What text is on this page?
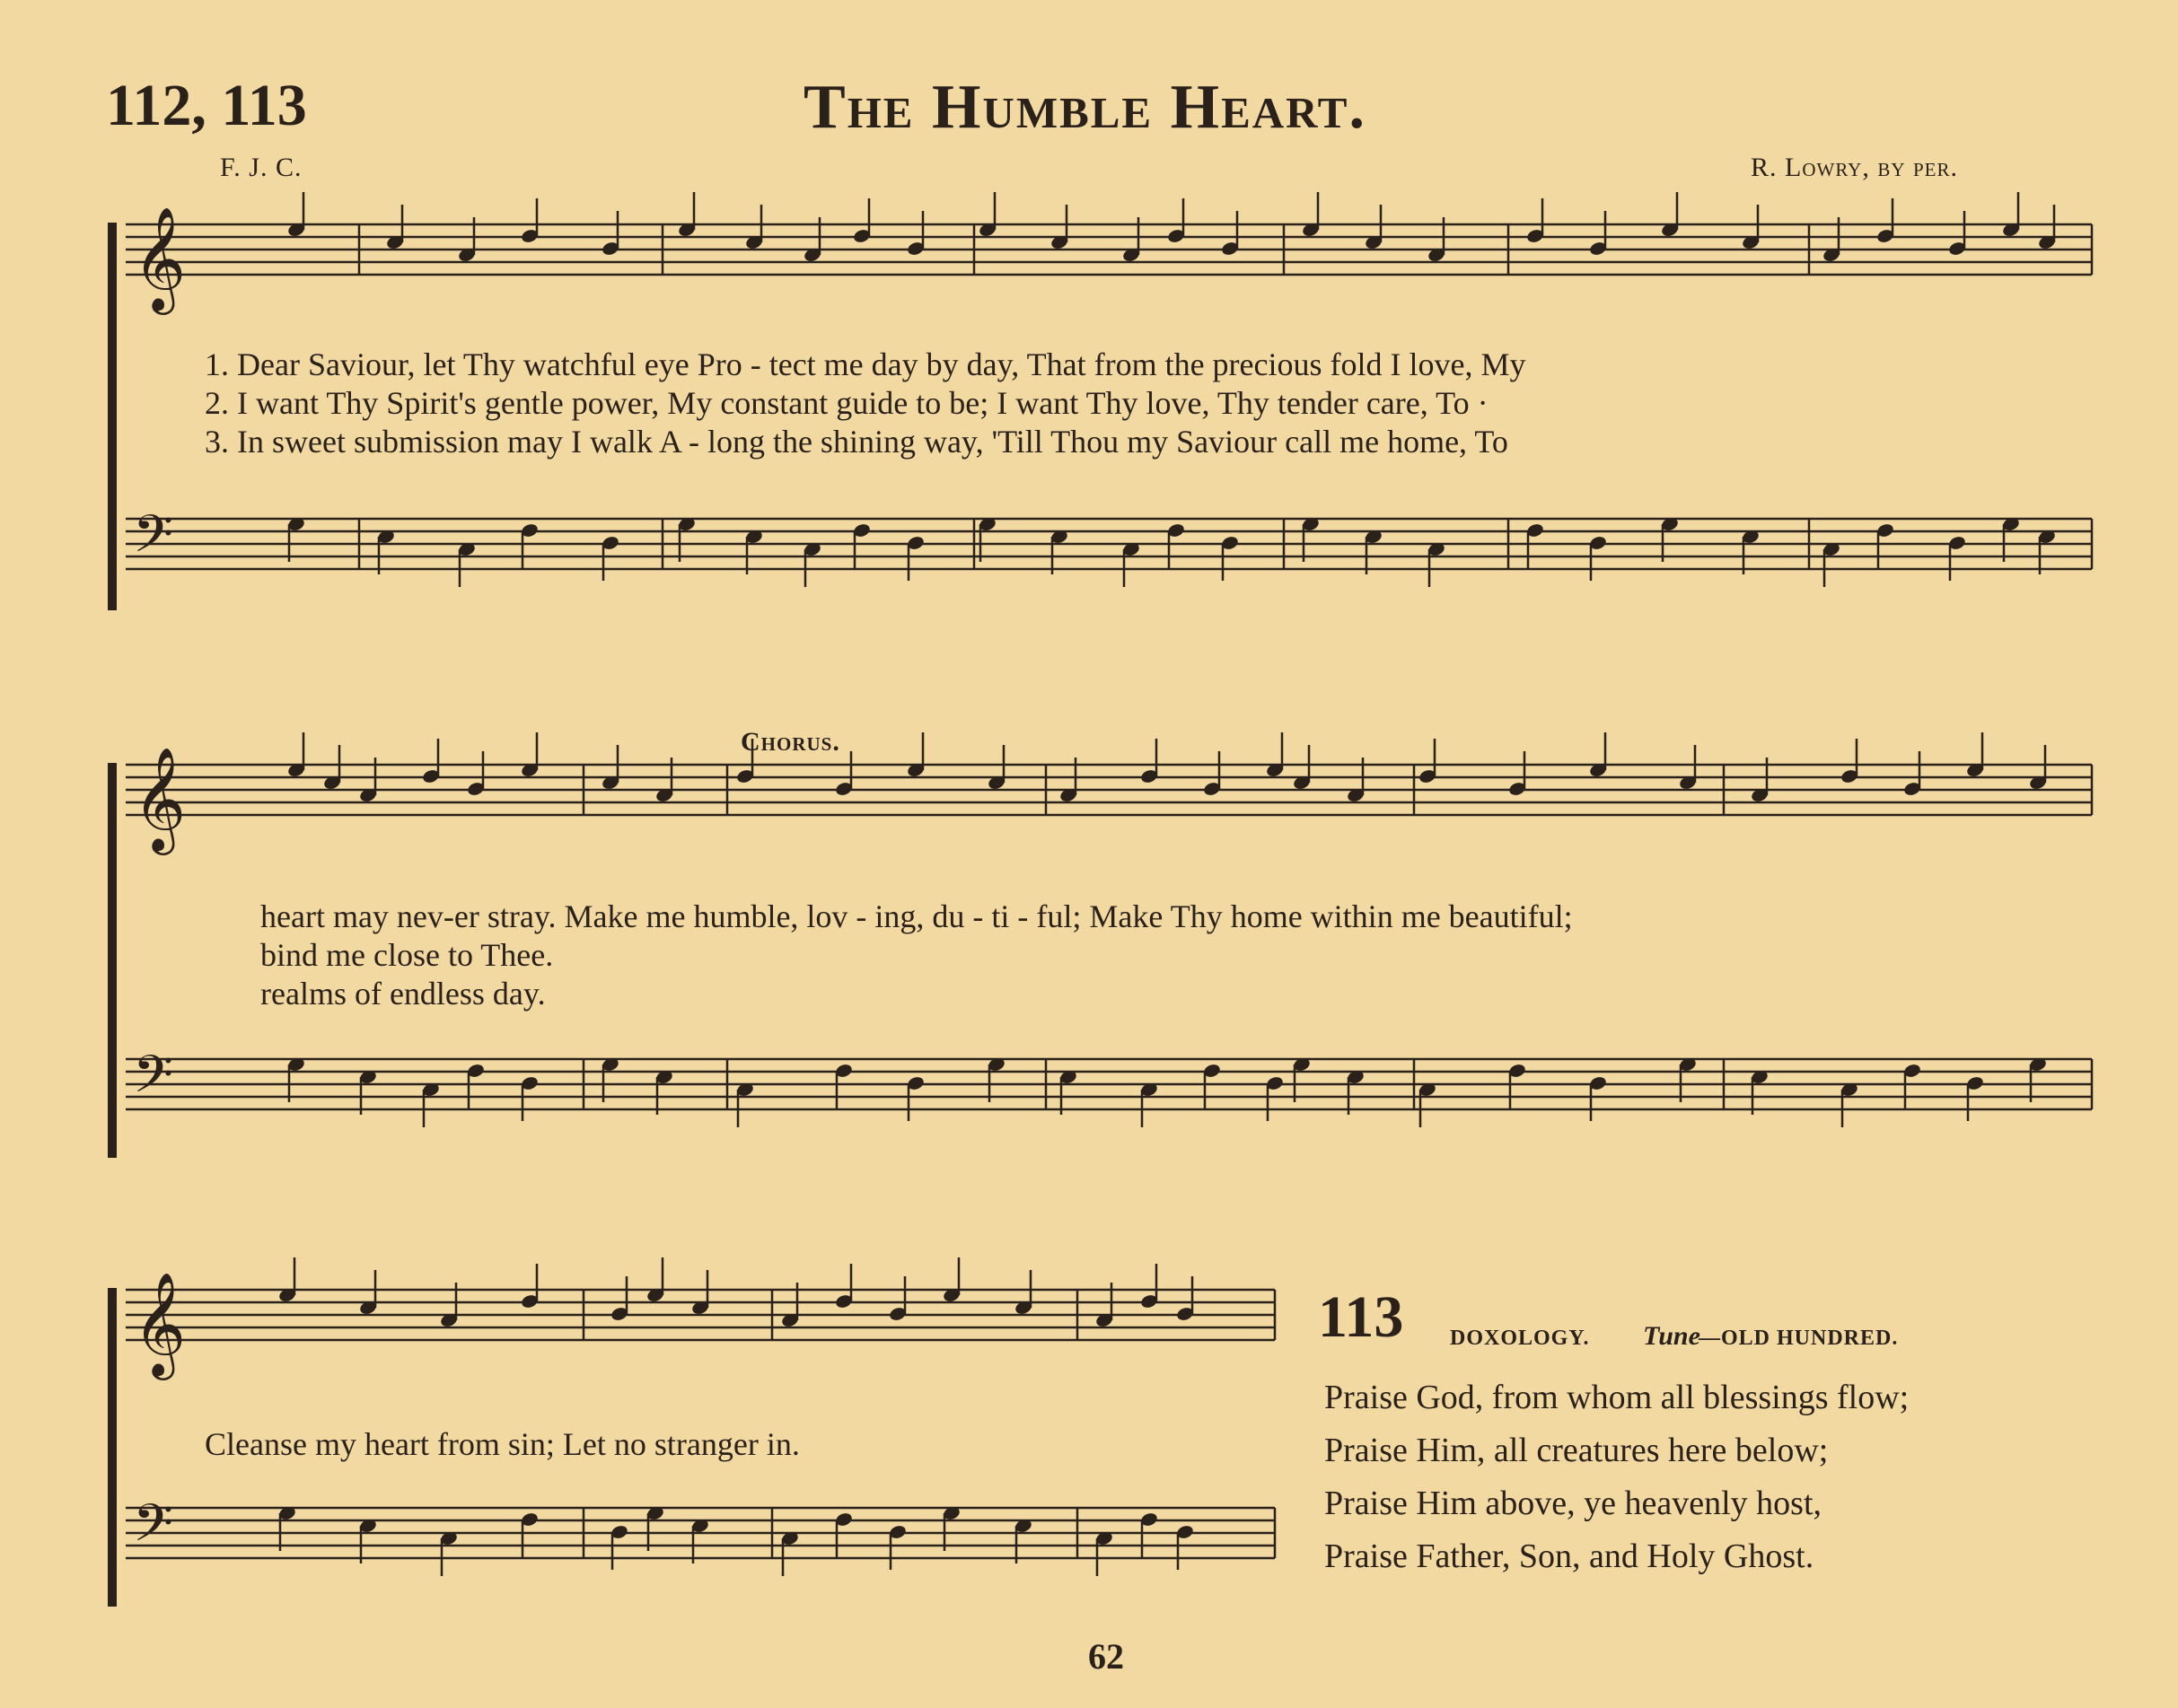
112, 113	The Humble Heart.
F. J. C.	R. Lowry, by per.
𝄞
𝄢
𝄞
𝄢
𝄞
𝄢
1. Dear Saviour, let Thy watchful eye Pro - tect me day by day, That from the precious fold I love, My
2. I want Thy Spirit's gentle power, My constant guide to be; I want Thy love, Thy tender care, To ·
3. In sweet submission may I walk A - long the shining way, 'Till Thou my Saviour call me home, To
Chorus.
heart may nev-er stray. Make me humble, lov - ing, du - ti - ful; Make Thy home within me beautiful;
bind me close to Thee.
realms of endless day.
Cleanse my heart from sin; Let no stranger in.
113 DOXOLOGY. Tune
—OLD HUNDRED.
Praise God, from whom all blessings flow;
Praise Him, all creatures here below;
Praise Him above, ye heavenly host,
Praise Father, Son, and Holy Ghost.
62
